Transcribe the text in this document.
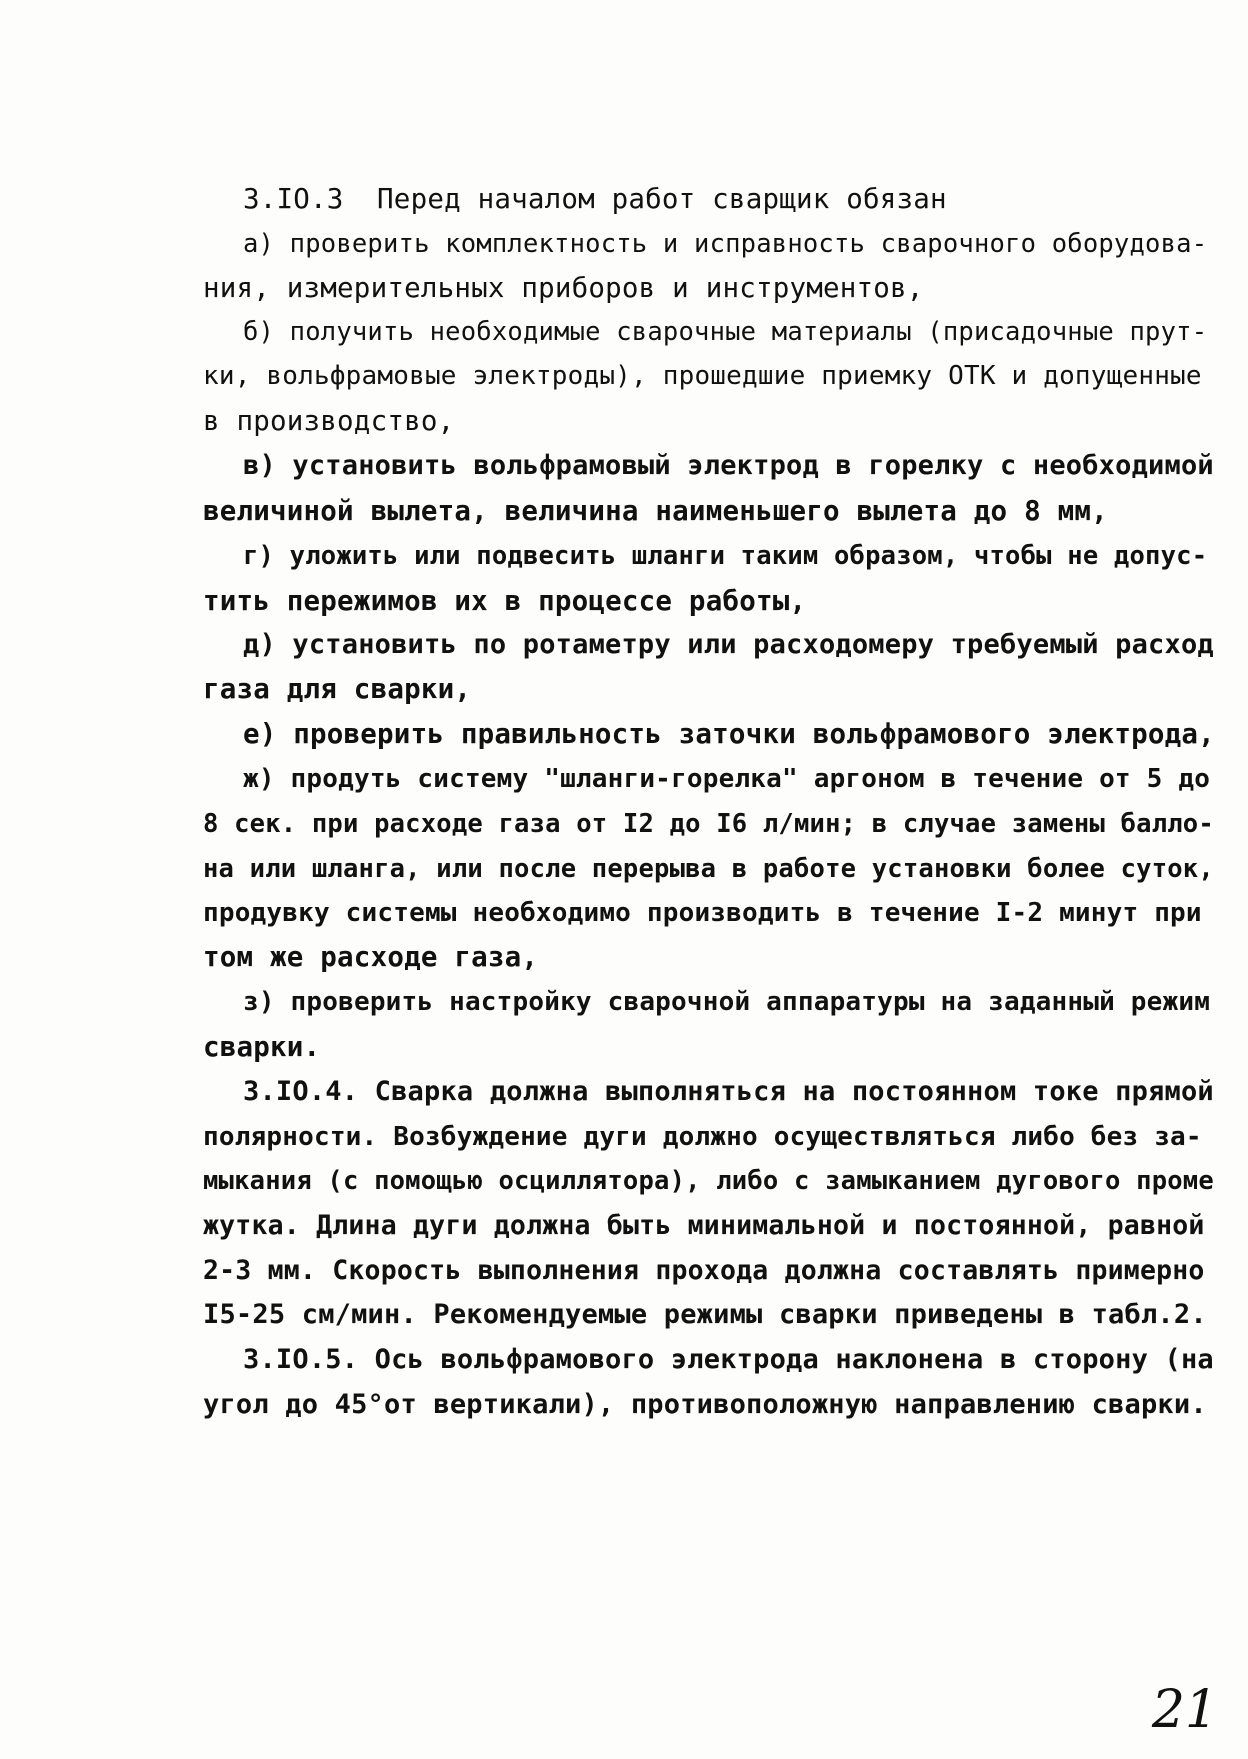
3.IO.3  Перед началом работ сварщик обязан
а) проверить комплектность и исправность сварочного оборудова-
ния, измерительных приборов и инструментов,
б) получить необходимые сварочные материалы (присадочные прут-
ки, вольфрамовые электроды), прошедшие приемку ОТК и допущенные
в производство,
в) установить вольфрамовый электрод в горелку с необходимой
величиной вылета, величина наименьшего вылета до 8 мм,
г) уложить или подвесить шланги таким образом, чтобы не допус-
тить пережимов их в процессе работы,
д) установить по ротаметру или расходомеру требуемый расход
газа для сварки,
е) проверить правильность заточки вольфрамового электрода,
ж) продуть систему "шланги-горелка" аргоном в течение от 5 до
8 сек. при расходе газа от I2 до I6 л/мин; в случае замены балло-
на или шланга, или после перерыва в работе установки более суток,
продувку системы необходимо производить в течение I-2 минут при
том же расходе газа,
з) проверить настройку сварочной аппаратуры на заданный режим
сварки.
3.IO.4. Сварка должна выполняться на постоянном токе прямой
полярности. Возбуждение дуги должно осуществляться либо без за-
мыкания (с помощью осциллятора), либо с замыканием дугового проме
жутка. Длина дуги должна быть минимальной и постоянной, равной
2-3 мм. Скорость выполнения прохода должна составлять примерно
I5-25 см/мин. Рекомендуемые режимы сварки приведены в табл.2.
3.IO.5. Ось вольфрамового электрода наклонена в сторону (на
угол до 45°от вертикали), противоположную направлению сварки.
21
